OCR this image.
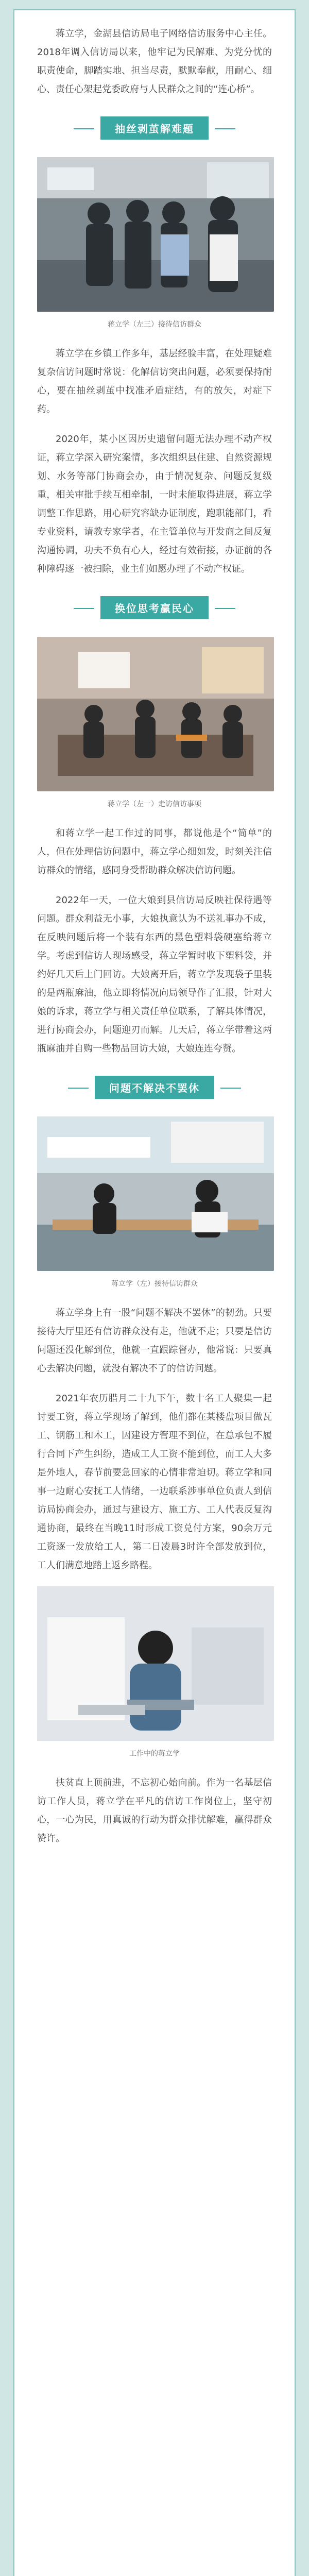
蒋立学，金湖县信访局电子网络信访服务中心主任。2018年调入信访局以来，他牢记为民解难、为党分忧的职责使命，脚踏实地、担当尽责，默默奉献，用耐心、细心、责任心架起党委政府与人民群众之间的“连心桥”。

抽丝剥茧解难题
蒋立学（左三）接待信访群众

蒋立学在乡镇工作多年，基层经验丰富，在处理疑难复杂信访问题时常说：化解信访突出问题，必须要保持耐心，要在抽丝剥茧中找准矛盾症结，有的放矢，对症下药。

2020年，某小区因历史遗留问题无法办理不动产权证，蒋立学深入研究案情，多次组织县住建、自然资源规划、水务等部门协商会办，由于情况复杂、问题反复级重，相关审批手续互相牵制，一时未能取得进展，蒋立学调整工作思路，用心研究容缺办证制度，跑职能部门，看专业资料，请教专家学者，在主管单位与开发商之间反复沟通协调，功夫不负有心人，经过有效衔接，办证前的各种障碍逐一被扫除，业主们如愿办理了不动产权证。

换位思考赢民心
蒋立学（左一）走访信访事项

和蒋立学一起工作过的同事，都说他是个“简单”的人，但在处理信访问题中，蒋立学心细如发，时刻关注信访群众的情绪，感同身受帮助群众解决信访问题。

2022年一天，一位大娘到县信访局反映社保待遇等问题。群众利益无小事，大娘执意认为不送礼事办不成，在反映问题后将一个装有东西的黑色塑料袋硬塞给蒋立学。考虑到信访人现场感受，蒋立学暂时收下塑料袋，并约好几天后上门回访。大娘离开后，蒋立学发现袋子里装的是两瓶麻油，他立即将情况向局领导作了汇报，针对大娘的诉求，蒋立学与相关责任单位联系，了解具体情况，进行协商会办，问题迎刃而解。几天后，蒋立学带着这两瓶麻油并自购一些物品回访大娘，大娘连连夸赞。

问题不解决不罢休
蒋立学（左）接待信访群众

蒋立学身上有一股“问题不解决不罢休”的韧劲。只要接待大厅里还有信访群众没有走，他就不走；只要是信访问题还没化解到位，他就一直跟踪督办，他常说：只要真心去解决问题，就没有解决不了的信访问题。

2021年农历腊月二十九下午，数十名工人聚集一起讨要工资，蒋立学现场了解到，他们都在某楼盘项目做瓦工、钢筋工和木工，因建设方管理不到位，在总承包不履行合同下产生纠纷，造成工人工资不能到位，而工人大多是外地人，春节前要急回家的心情非常迫切。蒋立学和同事一边耐心安抚工人情绪，一边联系涉事单位负责人到信访局协商会办，通过与建设方、施工方、工人代表反复沟通协商，最终在当晚11时形成工资兑付方案，90余万元工资逐一发放给工人，第二日凌晨3时许全部发放到位，工人们满意地踏上返乡路程。

工作中的蒋立学

扶贫直上顶前进，不忘初心始向前。作为一名基层信访工作人员，蒋立学在平凡的信访工作岗位上，坚守初心，一心为民，用真诚的行动为群众排忧解难，赢得群众赞许。
